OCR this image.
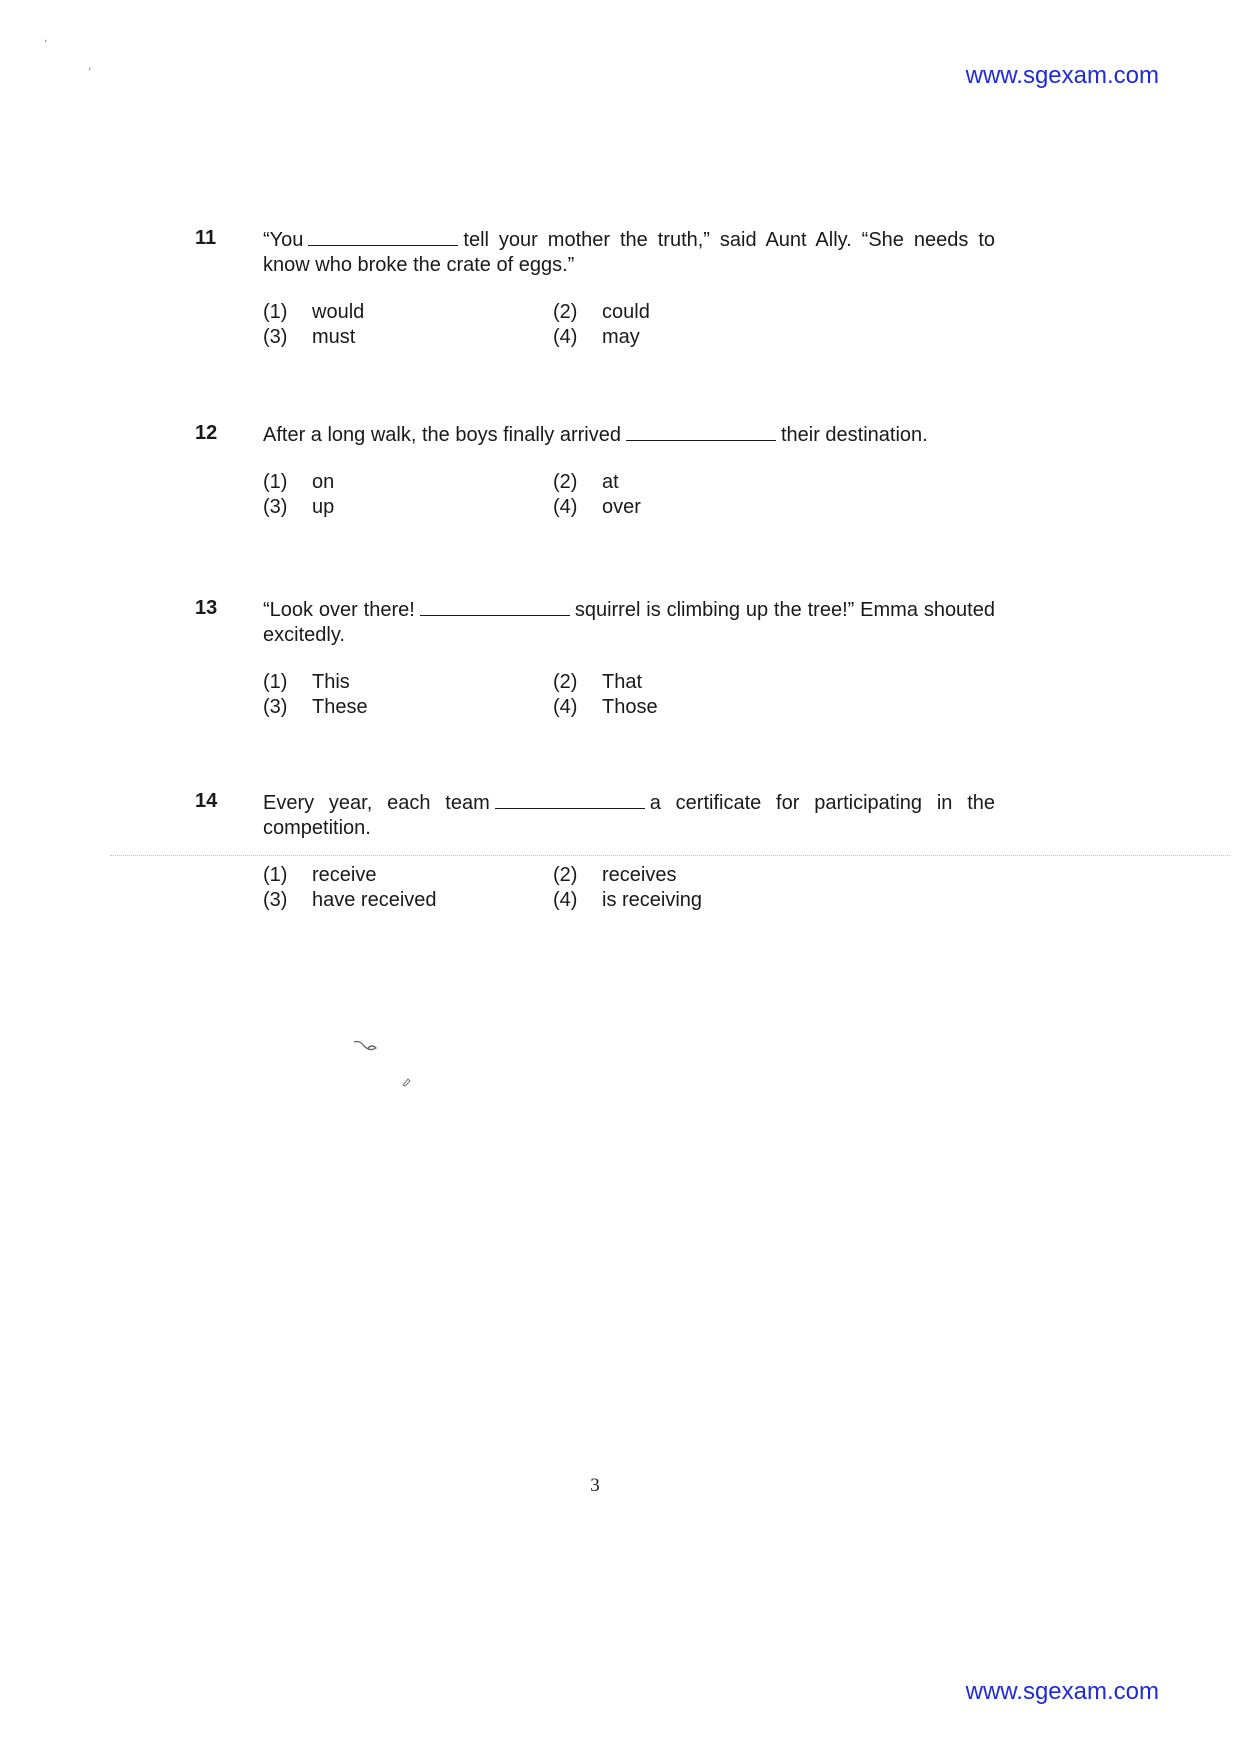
www.sgexam.com
,
,
11 “You	tell your mother the truth,” said Aunt Ally. “She needs to know who broke the crate of eggs.”
(1)	would	(2)	could
(3)	must	(4)	may
12 After a long walk, the boys finally arrived	their destination.
(1)	on	(2)	at
(3)	up	(4)	over
13 “Look over there!	squirrel is climbing up the tree!” Emma shouted excitedly.
(1)	This	(2)	That
(3)	These	(4)	Those
14 Every year, each team	a certificate for participating in the competition.
(1)	receive	(2)	receives
(3)	have received	(4)	is receiving
3
www.sgexam.com
